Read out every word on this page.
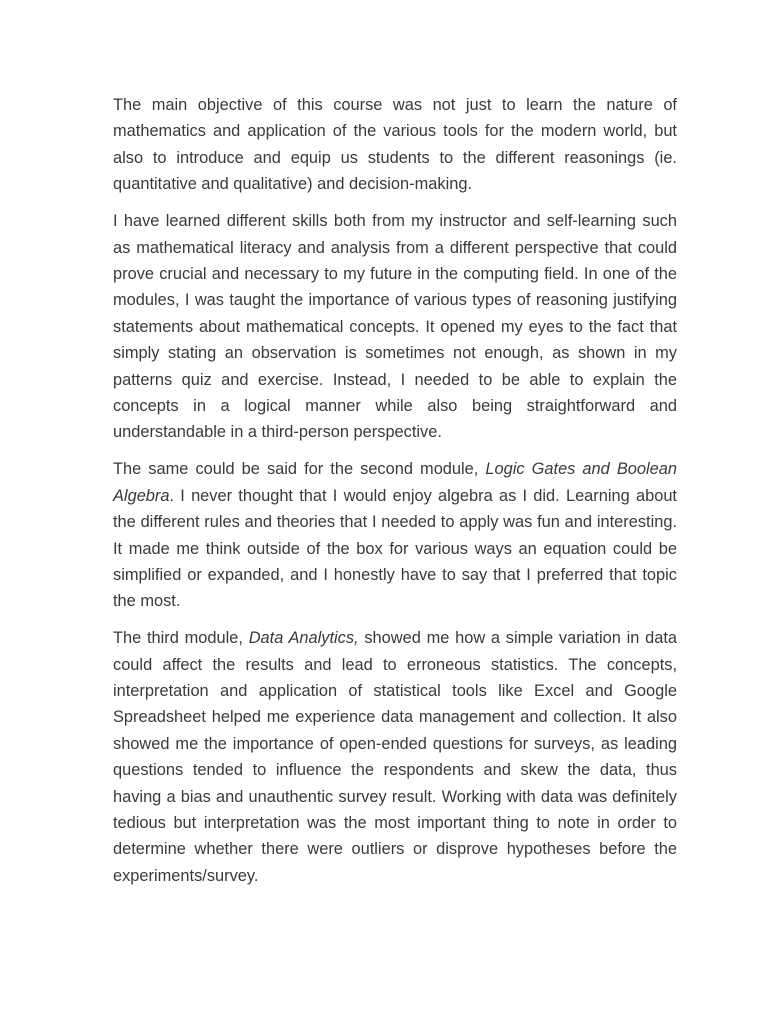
The main objective of this course was not just to learn the nature of mathematics and application of the various tools for the modern world, but also to introduce and equip us students to the different reasonings (ie. quantitative and qualitative) and decision-making.

I have learned different skills both from my instructor and self-learning such as mathematical literacy and analysis from a different perspective that could prove crucial and necessary to my future in the computing field. In one of the modules, I was taught the importance of various types of reasoning justifying statements about mathematical concepts. It opened my eyes to the fact that simply stating an observation is sometimes not enough, as shown in my patterns quiz and exercise. Instead, I needed to be able to explain the concepts in a logical manner while also being straightforward and understandable in a third-person perspective.

The same could be said for the second module, Logic Gates and Boolean Algebra. I never thought that I would enjoy algebra as I did. Learning about the different rules and theories that I needed to apply was fun and interesting. It made me think outside of the box for various ways an equation could be simplified or expanded, and I honestly have to say that I preferred that topic the most.

The third module, Data Analytics, showed me how a simple variation in data could affect the results and lead to erroneous statistics. The concepts, interpretation and application of statistical tools like Excel and Google Spreadsheet helped me experience data management and collection. It also showed me the importance of open-ended questions for surveys, as leading questions tended to influence the respondents and skew the data, thus having a bias and unauthentic survey result. Working with data was definitely tedious but interpretation was the most important thing to note in order to determine whether there were outliers or disprove hypotheses before the experiments/survey.
